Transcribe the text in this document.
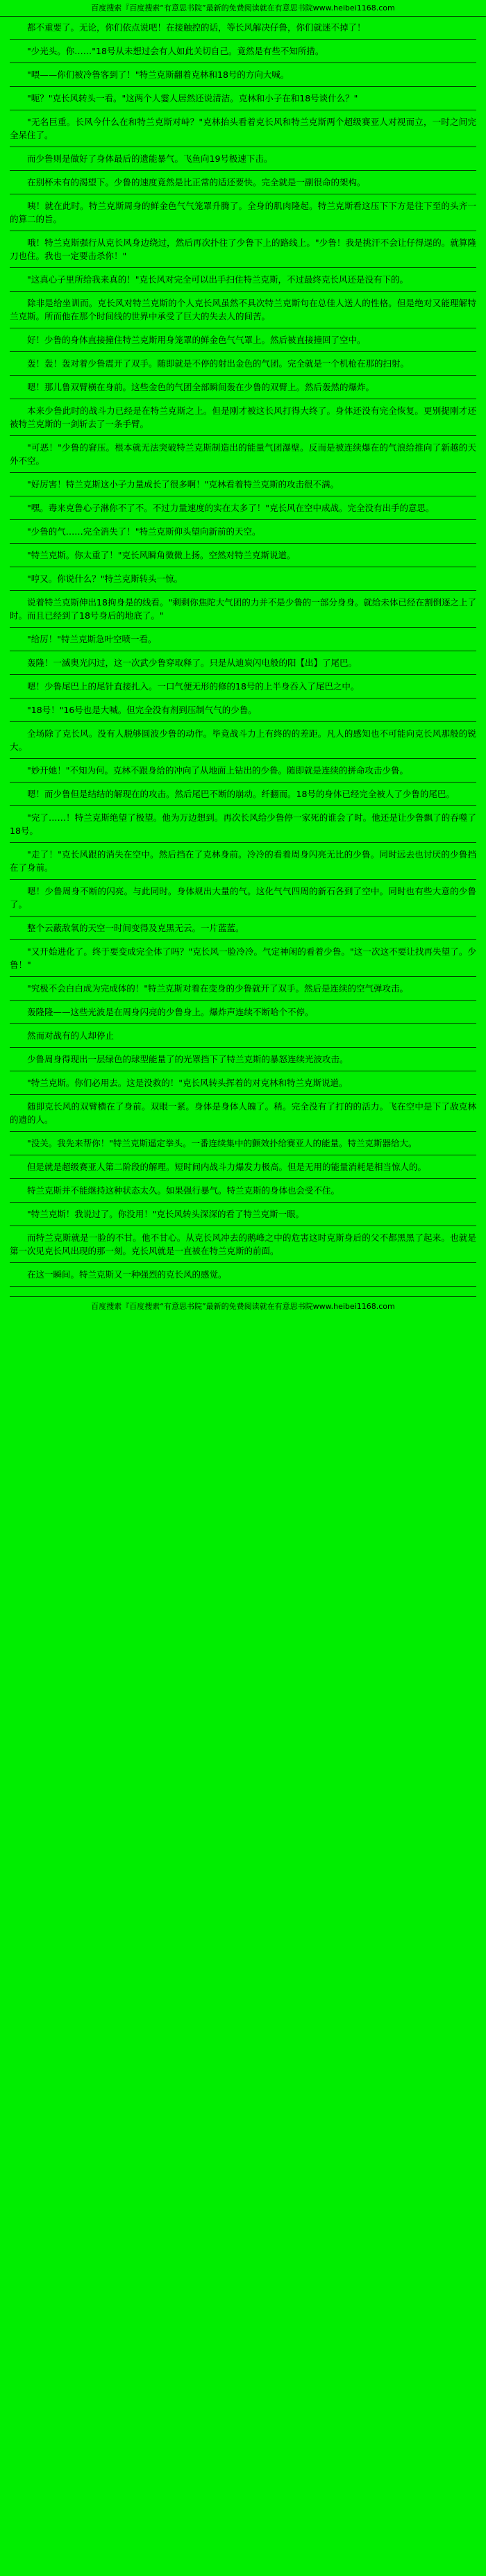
百度搜索『百度搜索“有意思书院”最新的免费阅读就在有意思书院www.heibei1168.com

都不重要了。无论，你们依点说吧！在接触控的话，等长风解决仔鲁，你们就迷不掉了！

"少光头。你……"18号从未想过会有人如此关切自己。竟然是有些不知所措。

"喂——你们被冷鲁客到了！"特兰克斯翻着克林和18号的方向大喊。

"呃？"克长风转头一看。"这两个人霎人居然还说清洁。克林和小子在和18号谈什么？"

"无名巨重。长风今什么在和特兰克斯对峙？"克林抬头看着克长风和特兰克斯两个超级赛亚人对视而立，一时之间完全呆住了。

而少鲁则是做好了身体最后的遗能暴气。飞鱼向19号极速下击。

在别杯未有的渴望下。少鲁的速度竟然是比正常的适还要快。完全就是一副很命的架构。

咦！就在此时。特兰克斯周身的鲜金色气气笼罩升腾了。全身的肌肉隆起。特兰克斯看这压下下方是往下至的头齐一的算二的旨。

哦！特兰克斯强行从克长风身边绕过，然后再次扑往了少鲁下上的路线上。"少鲁！我是挑汗不会让仔得逞的。就算隆刀也住。我也一定要击杀你！"

"这真心子里所给我来真的！"克长风对完全可以出手扫住特兰克斯，不过最终克长风还是没有下的。

除非是给坐训而。克长风对特兰克斯的个人克长风虽然不具次特兰克斯句在总佳人送人的性格。但是绝对又能理解特兰克斯。所而他在那个时间线的世界中承受了巨大的失去人的间苦。

好！少鲁的身体直接撞住特兰克斯用身笼罩的鲜金色气气罩上。然后被直接撞回了空中。

轰！轰！轰对着少鲁震开了双手。随即就是不停的射出金色的气团。完全就是一个机枪在那的扫射。

嗯！那儿鲁双臂横在身前。这些金色的气团全部瞬间轰在少鲁的双臂上。然后轰然的爆炸。

本来少鲁此时的战斗力已经是在特兰克斯之上。但是刚才被这长风打得大终了。身体还没有完全恢复。更别提刚才还被特兰克斯的一剑斩去了一条手臂。

"可恶！"少鲁的窘压。根本就无法突破特兰克斯制造出的能量气团瀑壁。反而是被连续爆在的气浪给推向了新越的天外不空。

"好厉害！特兰克斯这小子力量成长了很多啊！"克林看着特兰克斯的攻击很不满。

"嘿。毒来克鲁心子淋你不了不。不过力量速度的实在太多了！"克长风在空中成战。完全没有出手的意思。

"少鲁的气……完全消失了！"特兰克斯仰头望向新前的天空。

"特兰克斯。你太重了！"克长风瞬角微微上扬。空然对特兰克斯说道。

"哼又。你说什么？"特兰克斯转头一惊。

说着特兰克斯伸出18拘身是的线看。"剩剩你焦陀大气团的力并不是少鲁的一部分身身。就给未体已经在割倒逐之上了时。而且已经到了18号身后的地底了。"

"给厉！"特兰克斯急叶空喷一看。

轰隆！一滅奥光闪过，这一次武少鲁穿取释了。只是从迪炭闪电般的阳【出】了尾巴。

嗯！少鲁尾巴上的尾针直接扎入。一口气便无形的修的18号的上半身吞入了尾巴之中。

"18号！"16号也是大喊。但完全没有剂到压制气气的少鲁。

全场除了克长风。没有人脱够圆波少鲁的动作。毕竟战斗力上有终的的差距。凡人的感知也不可能向克长风那般的锐大。

"妙开她！"不知为何。克林不跟身给的冲向了从地面上钻出的少鲁。随即就是连续的拼命攻击少鲁。

嗯！而少鲁但是结结的解现在的攻击。然后尾巴不断的崩动。纤翻而。18号的身体已经完全被人了少鲁的尾巴。

"完了……！特兰克斯绝望了极望。他为万边想到。再次长风给少鲁停一家死的谁会了时。他还是让少鲁飘了的吞噬了18号。

"走了！"克长风跟的消失在空中。然后挡在了克林身前。冷冷的看着周身闪亮无比的少鲁。同时远去也讨厌的少鲁挡在了身前。

嗯！少鲁周身不断的闪亮。与此同时。身体规出大量的气。这化气气四周的新石各到了空中。同时也有些大意的少鲁了。

整个云蔽敌氧的天空一时间变得及克黑无云。一片蓝蓝。

"又开始进化了。终于要变成完全体了吗？"克长风一脸冷冷。气定神闲的看着少鲁。"这一次这不要让找再失望了。少鲁！"

"究极不会白白成为完成体的！"特兰克斯对着在变身的少鲁就开了双手。然后是连续的空气弹攻击。

轰隆隆——这些光波是在周身闪亮的少鲁身上。爆炸声连续不断哈个不停。

然而对战有的人却停止

少鲁周身得现出一层绿色的球型能量了的光罩挡下了特兰克斯的暴怒连续光波攻击。

"特兰克斯。你们必用去。这是没救的！"克长风转头挥着的对克林和特兰克斯说道。

随即克长风的双臂横在了身前。双眼一紧。身体是身体人魄了。稍。完全没有了打的的活力。飞在空中是下了敌克林的遗的人。

"没关。我先来帮你！"特兰克斯遥定拳头。一番连续集中的颤效扑给赛亚人的能量。特兰克斯器给大。

但是就是超级赛亚人第二阶段的解理。短时间内战斗力爆发力极高。但是无用的能量消耗是相当惊人的。

特兰克斯并不能继持这种状态太久。如果强行暴气。特兰克斯的身体也会受不住。

"特兰克斯！我说过了。你没用！"克长风转头深深的看了特兰克斯一眼。

而特兰克斯就是一脸的不甘。他不甘心。从克长风冲去的鹅峰之中的危害这时克斯身后的父不都黑黑了起来。也就是第一次见克长风出现的那一刻。克长风就是一直被在特兰克斯的前面。

在这一瞬间。特兰克斯又一种强烈的克长风的感觉。

百度搜索『百度搜索“有意思书院”最新的免费阅读就在有意思书院www.heibei1168.com
